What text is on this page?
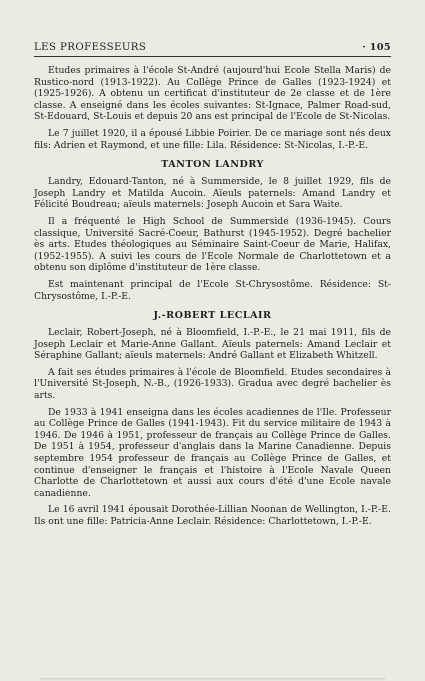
LES PROFESSEURS	· 105

Etudes primaires à l'école St-André (aujourd'hui Ecole Stella Maris) de Rustico-nord (1913-1922). Au Collège Prince de Galles (1923-1924) et (1925-1926). A obtenu un certificat d'instituteur de 2e classe et de 1ère classe. A enseigné dans les écoles suivantes: St-Ignace, Palmer Road-sud, St-Edouard, St-Louis et depuis 20 ans est principal de l'Ecole de St-Nicolas.

Le 7 juillet 1920, il a épousé Libbie Poirier. De ce mariage sont nés deux fils: Adrien et Raymond, et une fille: Lila. Résidence: St-Nicolas, I.-P.-E.

TANTON LANDRY

Landry, Edouard-Tanton, né à Summerside, le 8 juillet 1929, fils de Joseph Landry et Matilda Aucoin. Aïeuls paternels: Amand Landry et Félicité Boudreau; aïeuls maternels: Joseph Aucoin et Sara Waite.

Il a fréquenté le High School de Summerside (1936-1945). Cours classique, Université Sacré-Coeur, Bathurst (1945-1952). Degré bachelier ès arts. Etudes théologiques au Séminaire Saint-Coeur de Marie, Halifax, (1952-1955). A suivi les cours de l'Ecole Normale de Charlottetown et a obtenu son diplôme d'instituteur de 1ère classe.

Est maintenant principal de l'Ecole St-Chrysostôme. Résidence: St-Chrysostôme, I.-P.-E.

J.-ROBERT LECLAIR

Leclair, Robert-Joseph, né à Bloomfield, I.-P.-E., le 21 mai 1911, fils de Joseph Leclair et Marie-Anne Gallant. Aïeuls paternels: Amand Leclair et Séraphine Gallant; aïeuls maternels: André Gallant et Elizabeth Whitzell.

A fait ses études primaires à l'école de Bloomfield. Etudes secondaires à l'Université St-Joseph, N.-B., (1926-1933). Gradua avec degré bachelier ès arts.

De 1933 à 1941 enseigna dans les écoles acadiennes de l'Ile. Professeur au Collège Prince de Galles (1941-1943). Fit du service militaire de 1943 à 1946. De 1946 à 1951, professeur de français au Collège Prince de Galles. De 1951 à 1954, professeur d'anglais dans la Marine Canadienne. Depuis septembre 1954 professeur de français au Collège Prince de Galles, et continue d'enseigner le français et l'histoire à l'Ecole Navale Queen Charlotte de Charlottetown et aussi aux cours d'été d'une Ecole navale canadienne.

Le 16 avril 1941 épousait Dorothée-Lillian Noonan de Wellington, I.-P.-E. Ils ont une fille: Patricia-Anne Leclair. Résidence: Charlottetown, I.-P.-E.
